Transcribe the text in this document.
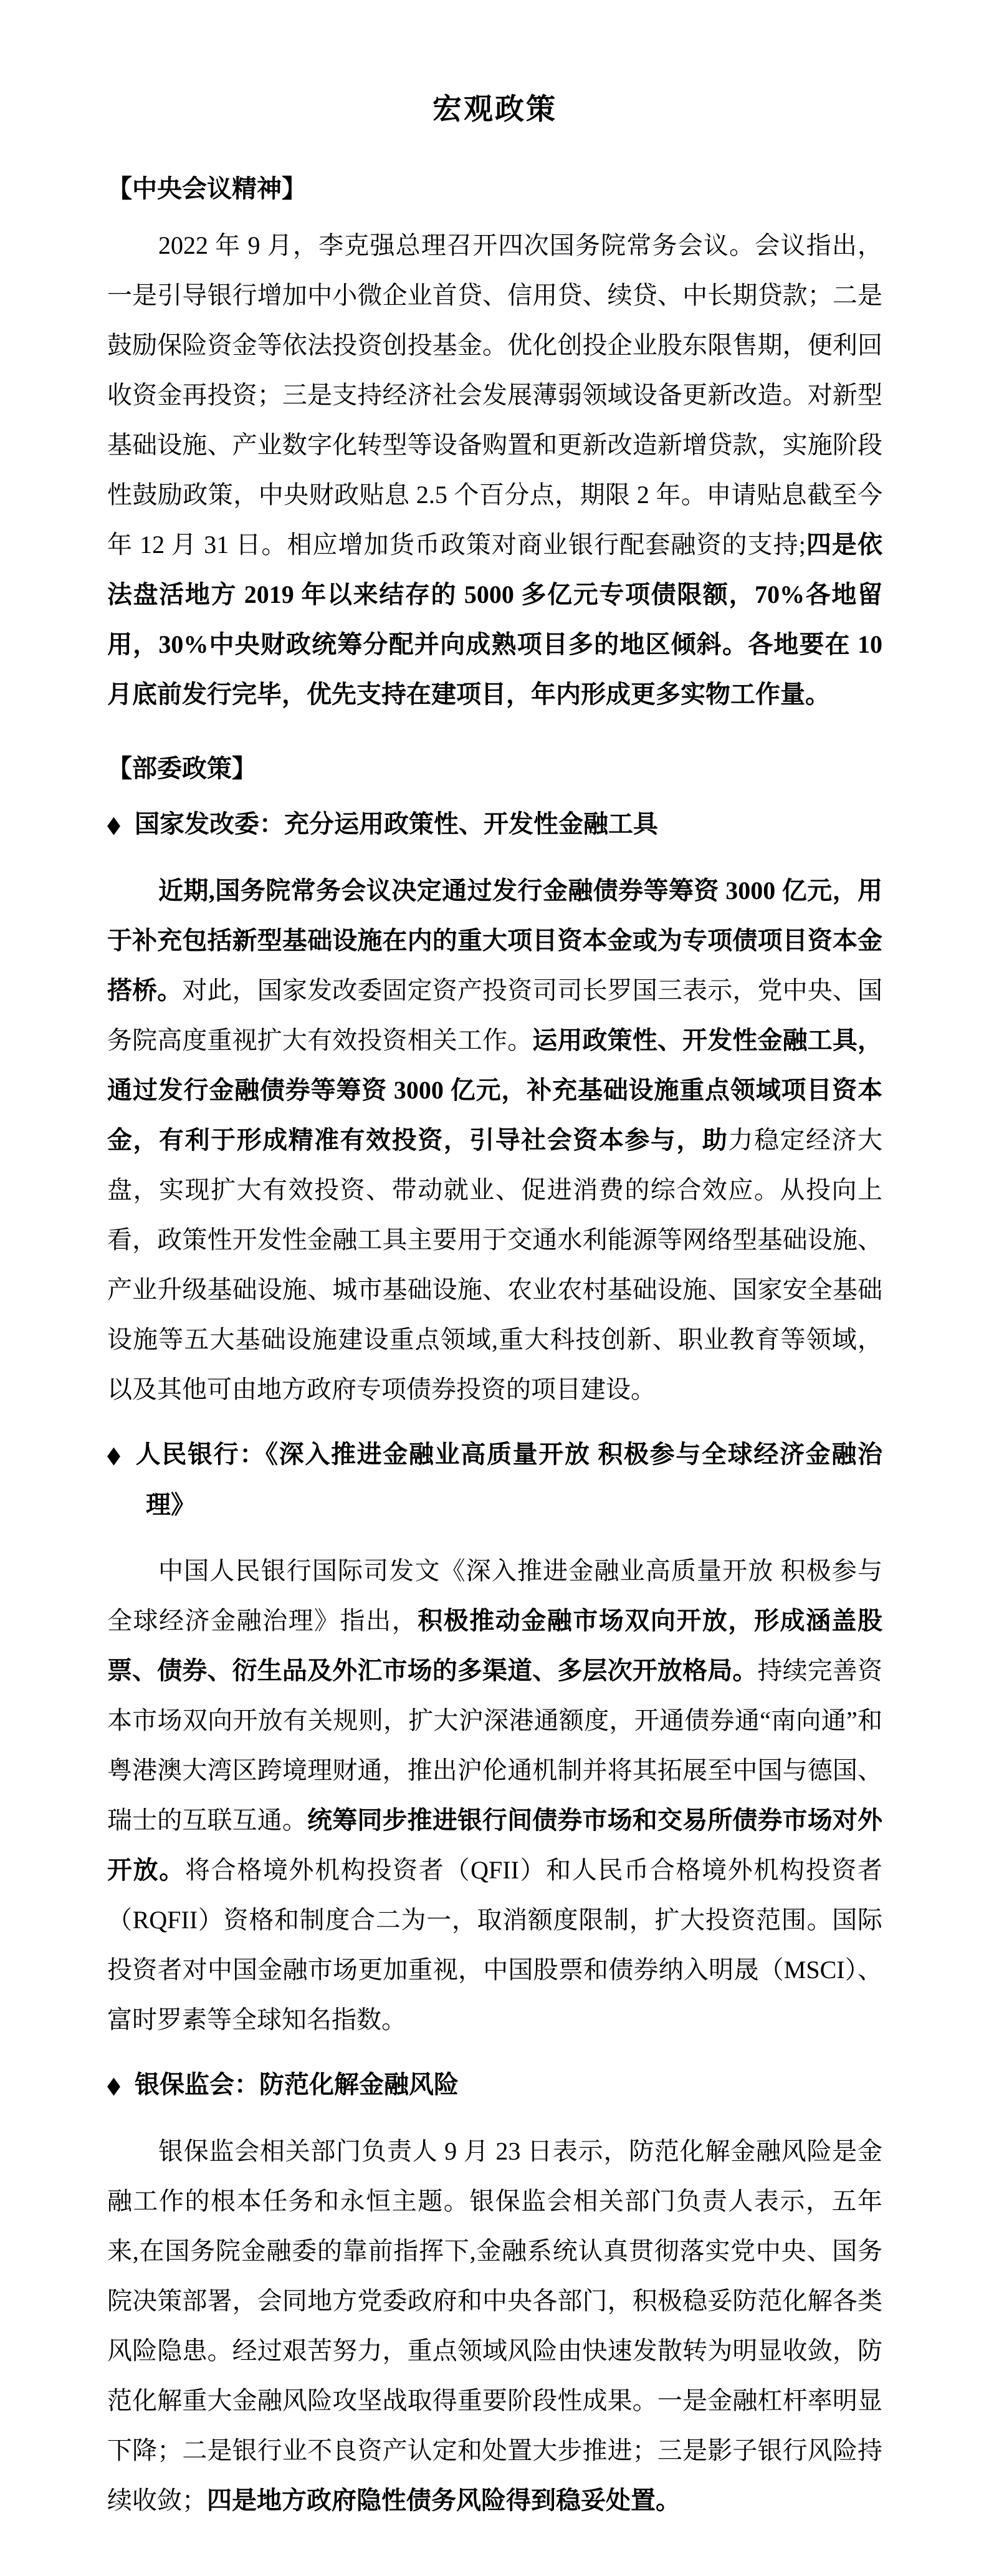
宏观政策
【中央会议精神】

2022 年 9 月，李克强总理召开四次国务院常务会议。会议指出，一是引导银行增加中小微企业首贷、信用贷、续贷、中长期贷款；二是鼓励保险资金等依法投资创投基金。优化创投企业股东限售期，便利回收资金再投资；三是支持经济社会发展薄弱领域设备更新改造。对新型基础设施、产业数字化转型等设备购置和更新改造新增贷款，实施阶段性鼓励政策，中央财政贴息 2.5 个百分点，期限 2 年。申请贴息截至今年 12 月 31 日。相应增加货币政策对商业银行配套融资的支持;四是依法盘活地方 2019 年以来结存的 5000 多亿元专项债限额，70%各地留用，30%中央财政统筹分配并向成熟项目多的地区倾斜。各地要在 10 月底前发行完毕，优先支持在建项目，年内形成更多实物工作量。

【部委政策】
◆ 国家发改委：充分运用政策性、开发性金融工具

近期,国务院常务会议决定通过发行金融债券等筹资 3000 亿元，用于补充包括新型基础设施在内的重大项目资本金或为专项债项目资本金搭桥。对此，国家发改委固定资产投资司司长罗国三表示，党中央、国务院高度重视扩大有效投资相关工作。运用政策性、开发性金融工具，通过发行金融债券等筹资 3000 亿元，补充基础设施重点领域项目资本金，有利于形成精准有效投资，引导社会资本参与，助力稳定经济大盘，实现扩大有效投资、带动就业、促进消费的综合效应。从投向上看，政策性开发性金融工具主要用于交通水利能源等网络型基础设施、产业升级基础设施、城市基础设施、农业农村基础设施、国家安全基础设施等五大基础设施建设重点领域,重大科技创新、职业教育等领域，以及其他可由地方政府专项债券投资的项目建设。

◆ 人民银行：《深入推进金融业高质量开放 积极参与全球经济金融治理》

中国人民银行国际司发文《深入推进金融业高质量开放 积极参与全球经济金融治理》指出，积极推动金融市场双向开放，形成涵盖股票、债券、衍生品及外汇市场的多渠道、多层次开放格局。持续完善资本市场双向开放有关规则，扩大沪深港通额度，开通债券通“南向通”和粤港澳大湾区跨境理财通，推出沪伦通机制并将其拓展至中国与德国、瑞士的互联互通。统筹同步推进银行间债券市场和交易所债券市场对外开放。将合格境外机构投资者（QFII）和人民币合格境外机构投资者（RQFII）资格和制度合二为一，取消额度限制，扩大投资范围。国际投资者对中国金融市场更加重视，中国股票和债券纳入明晟（MSCI）、富时罗素等全球知名指数。

◆ 银保监会：防范化解金融风险

银保监会相关部门负责人 9 月 23 日表示，防范化解金融风险是金融工作的根本任务和永恒主题。银保监会相关部门负责人表示，五年来,在国务院金融委的靠前指挥下,金融系统认真贯彻落实党中央、国务院决策部署，会同地方党委政府和中央各部门，积极稳妥防范化解各类风险隐患。经过艰苦努力，重点领域风险由快速发散转为明显收敛，防范化解重大金融风险攻坚战取得重要阶段性成果。一是金融杠杆率明显下降；二是银行业不良资产认定和处置大步推进；三是影子银行风险持续收敛；四是地方政府隐性债务风险得到稳妥处置。
